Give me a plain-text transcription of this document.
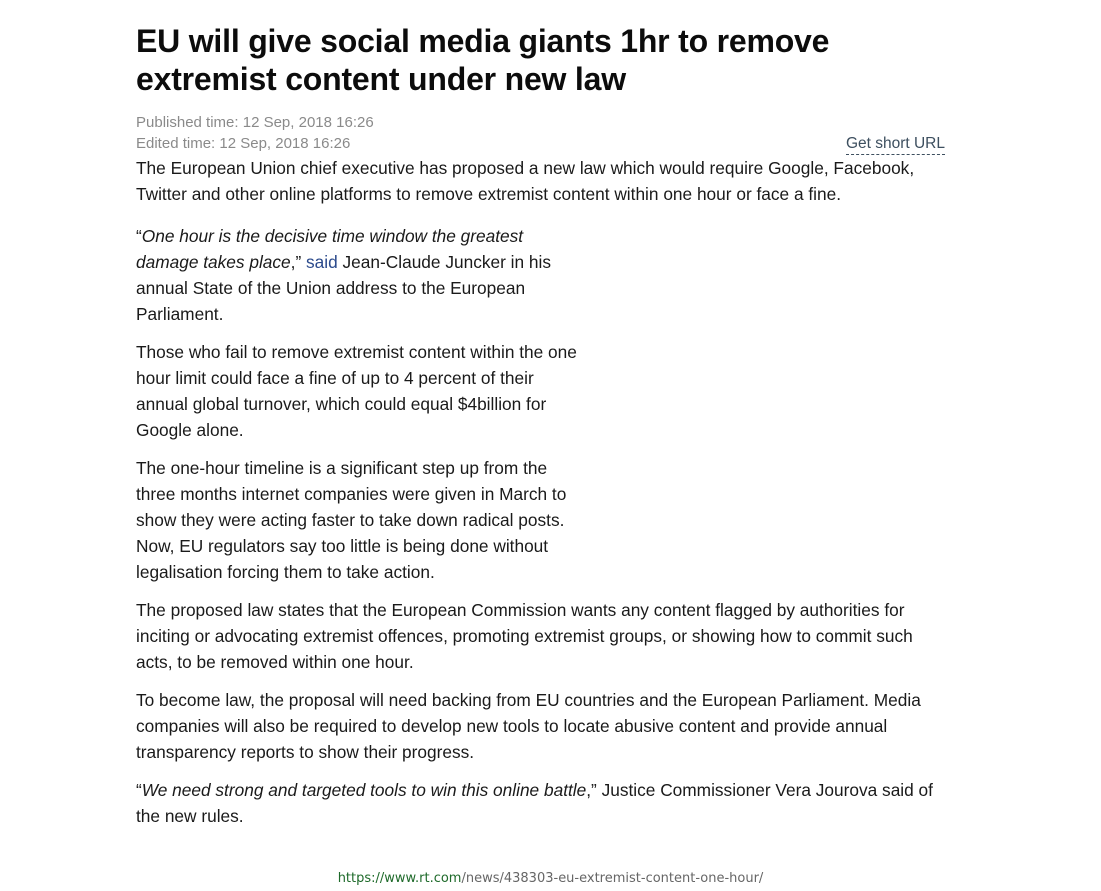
EU will give social media giants 1hr to remove extremist content under new law
Published time: 12 Sep, 2018 16:26
Edited time: 12 Sep, 2018 16:26	Get short URL

The European Union chief executive has proposed a new law which would require Google, Facebook, Twitter and other online platforms to remove extremist content within one hour or face a fine.

“One hour is the decisive time window the greatest damage takes place,” said Jean-Claude Juncker in his annual State of the Union address to the European Parliament.

Those who fail to remove extremist content within the one hour limit could face a fine of up to 4 percent of their annual global turnover, which could equal $4billion for Google alone.

The one-hour timeline is a significant step up from the three months internet companies were given in March to show they were acting faster to take down radical posts. Now, EU regulators say too little is being done without legalisation forcing them to take action.

The proposed law states that the European Commission wants any content flagged by authorities for inciting or advocating extremist offences, promoting extremist groups, or showing how to commit such acts, to be removed within one hour.

To become law, the proposal will need backing from EU countries and the European Parliament. Media companies will also be required to develop new tools to locate abusive content and provide annual transparency reports to show their progress.

“We need strong and targeted tools to win this online battle,” Justice Commissioner Vera Jourova said of the new rules.

https://www.rt.com/news/438303-eu-extremist-content-one-hour/
